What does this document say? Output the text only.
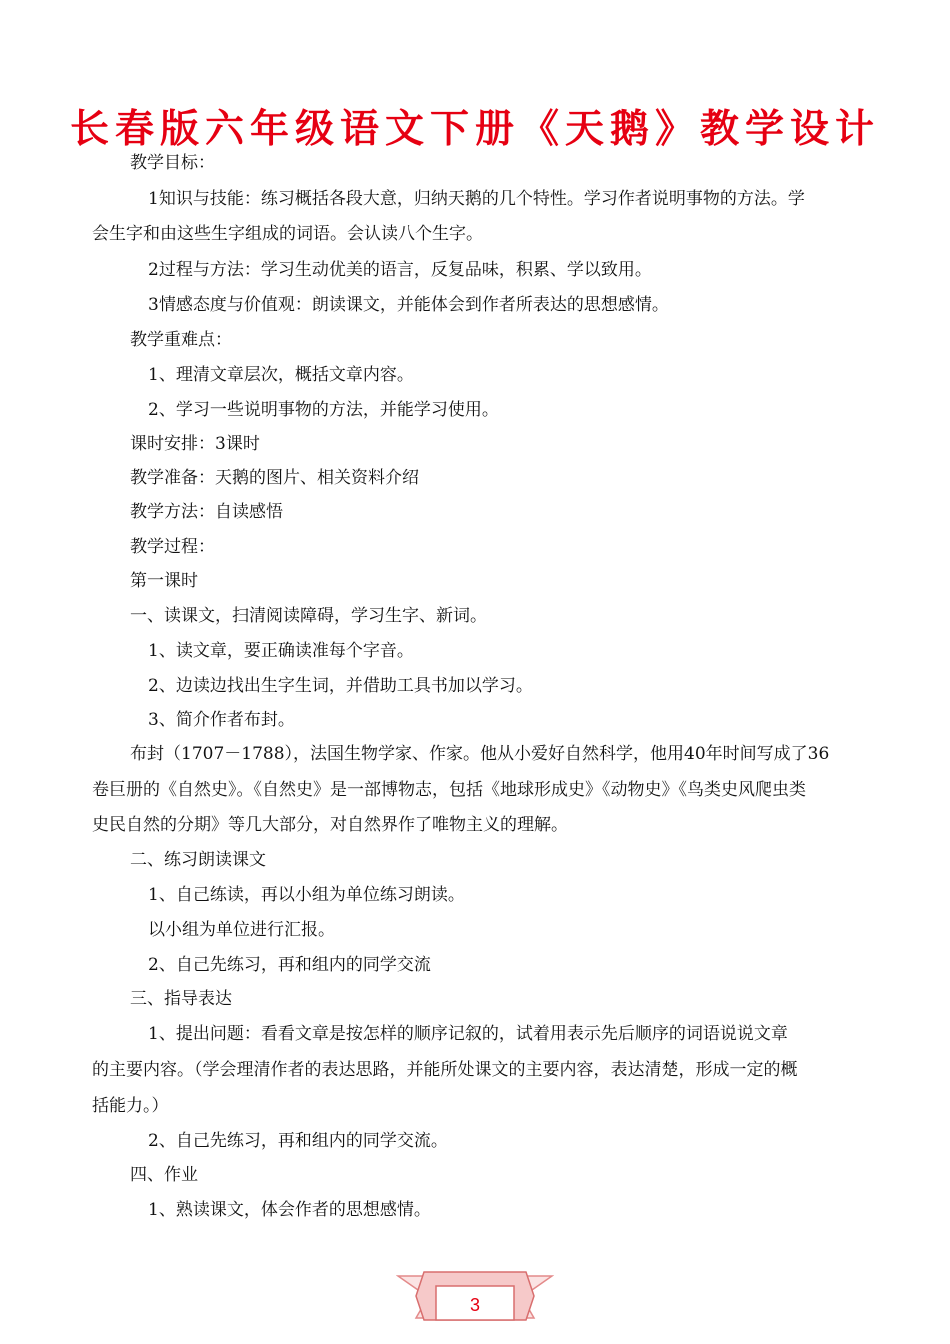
长春版六年级语文下册《天鹅》教学设计
教学目标：
1知识与技能：练习概括各段大意，归纳天鹅的几个特性。学习作者说明事物的方法。学
会生字和由这些生字组成的词语。会认读八个生字。
2过程与方法：学习生动优美的语言，反复品味，积累、学以致用。
3情感态度与价值观：朗读课文，并能体会到作者所表达的思想感情。
教学重难点：
1、理清文章层次，概括文章内容。
2、学习一些说明事物的方法，并能学习使用。
课时安排：3课时
教学准备：天鹅的图片、相关资料介绍
教学方法：自读感悟
教学过程：
第一课时
一、读课文，扫清阅读障碍，学习生字、新词。
1、读文章，要正确读准每个字音。
2、边读边找出生字生词，并借助工具书加以学习。
3、简介作者布封。
布封（1707－1788），法国生物学家、作家。他从小爱好自然科学，他用40年时间写成了36
卷巨册的《自然史》。《自然史》是一部博物志，包括《地球形成史》《动物史》《鸟类史风爬虫类
史民自然的分期》等几大部分，对自然界作了唯物主义的理解。
二、练习朗读课文
1、自己练读，再以小组为单位练习朗读。
以小组为单位进行汇报。
2、自己先练习，再和组内的同学交流
三、指导表达
1、提出问题：看看文章是按怎样的顺序记叙的，试着用表示先后顺序的词语说说文章
的主要内容。（学会理清作者的表达思路，并能所处课文的主要内容，表达清楚，形成一定的概
括能力。）
2、自己先练习，再和组内的同学交流。
四、作业
1、熟读课文，体会作者的思想感情。
3
